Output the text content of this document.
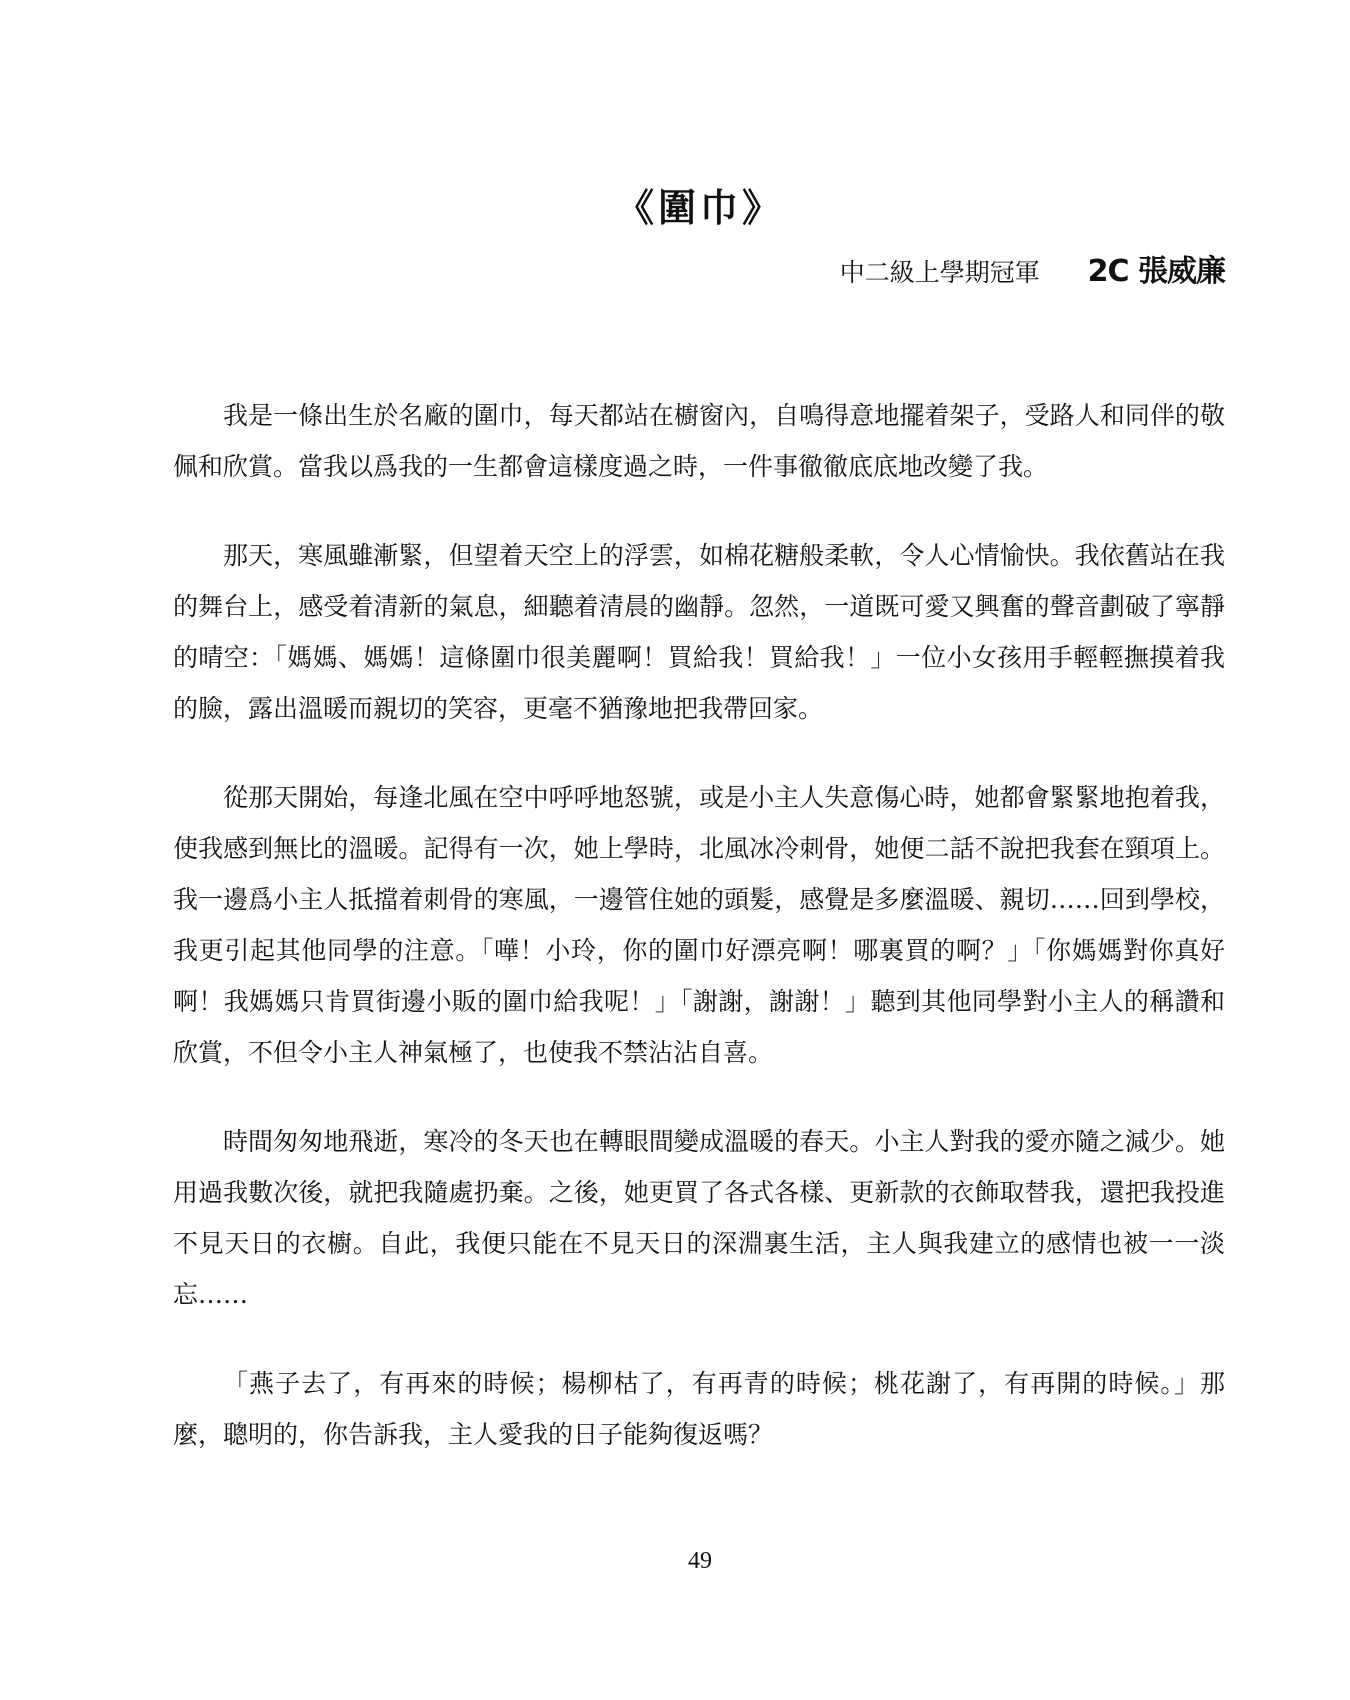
《圍巾》
中二級上學期冠軍 2C 張威廉

我是一條出生於名廠的圍巾，每天都站在櫥窗內，自鳴得意地擺着架子，受路人和同伴的敬佩和欣賞。當我以爲我的一生都會這樣度過之時，一件事徹徹底底地改變了我。

那天，寒風雖漸緊，但望着天空上的浮雲，如棉花糖般柔軟，令人心情愉快。我依舊站在我的舞台上，感受着清新的氣息，細聽着清晨的幽靜。忽然，一道既可愛又興奮的聲音劃破了寧靜的晴空：「媽媽、媽媽！這條圍巾很美麗啊！買給我！買給我！」一位小女孩用手輕輕撫摸着我的臉，露出溫暖而親切的笑容，更毫不猶豫地把我帶回家。

從那天開始，每逢北風在空中呼呼地怒號，或是小主人失意傷心時，她都會緊緊地抱着我，使我感到無比的溫暖。記得有一次，她上學時，北風冰冷刺骨，她便二話不說把我套在頸項上。我一邊爲小主人抵擋着刺骨的寒風，一邊管住她的頭髮，感覺是多麼溫暖、親切……回到學校，我更引起其他同學的注意。「嘩！小玲，你的圍巾好漂亮啊！哪裏買的啊？」「你媽媽對你真好啊！我媽媽只肯買街邊小販的圍巾給我呢！」「謝謝，謝謝！」聽到其他同學對小主人的稱讚和欣賞，不但令小主人神氣極了，也使我不禁沾沾自喜。

時間匆匆地飛逝，寒冷的冬天也在轉眼間變成溫暖的春天。小主人對我的愛亦隨之減少。她用過我數次後，就把我隨處扔棄。之後，她更買了各式各樣、更新款的衣飾取替我，還把我投進不見天日的衣櫥。自此，我便只能在不見天日的深淵裏生活，主人與我建立的感情也被一一淡忘……

「燕子去了，有再來的時候；楊柳枯了，有再青的時候；桃花謝了，有再開的時候。」那麼，聰明的，你告訴我，主人愛我的日子能夠復返嗎？

49
